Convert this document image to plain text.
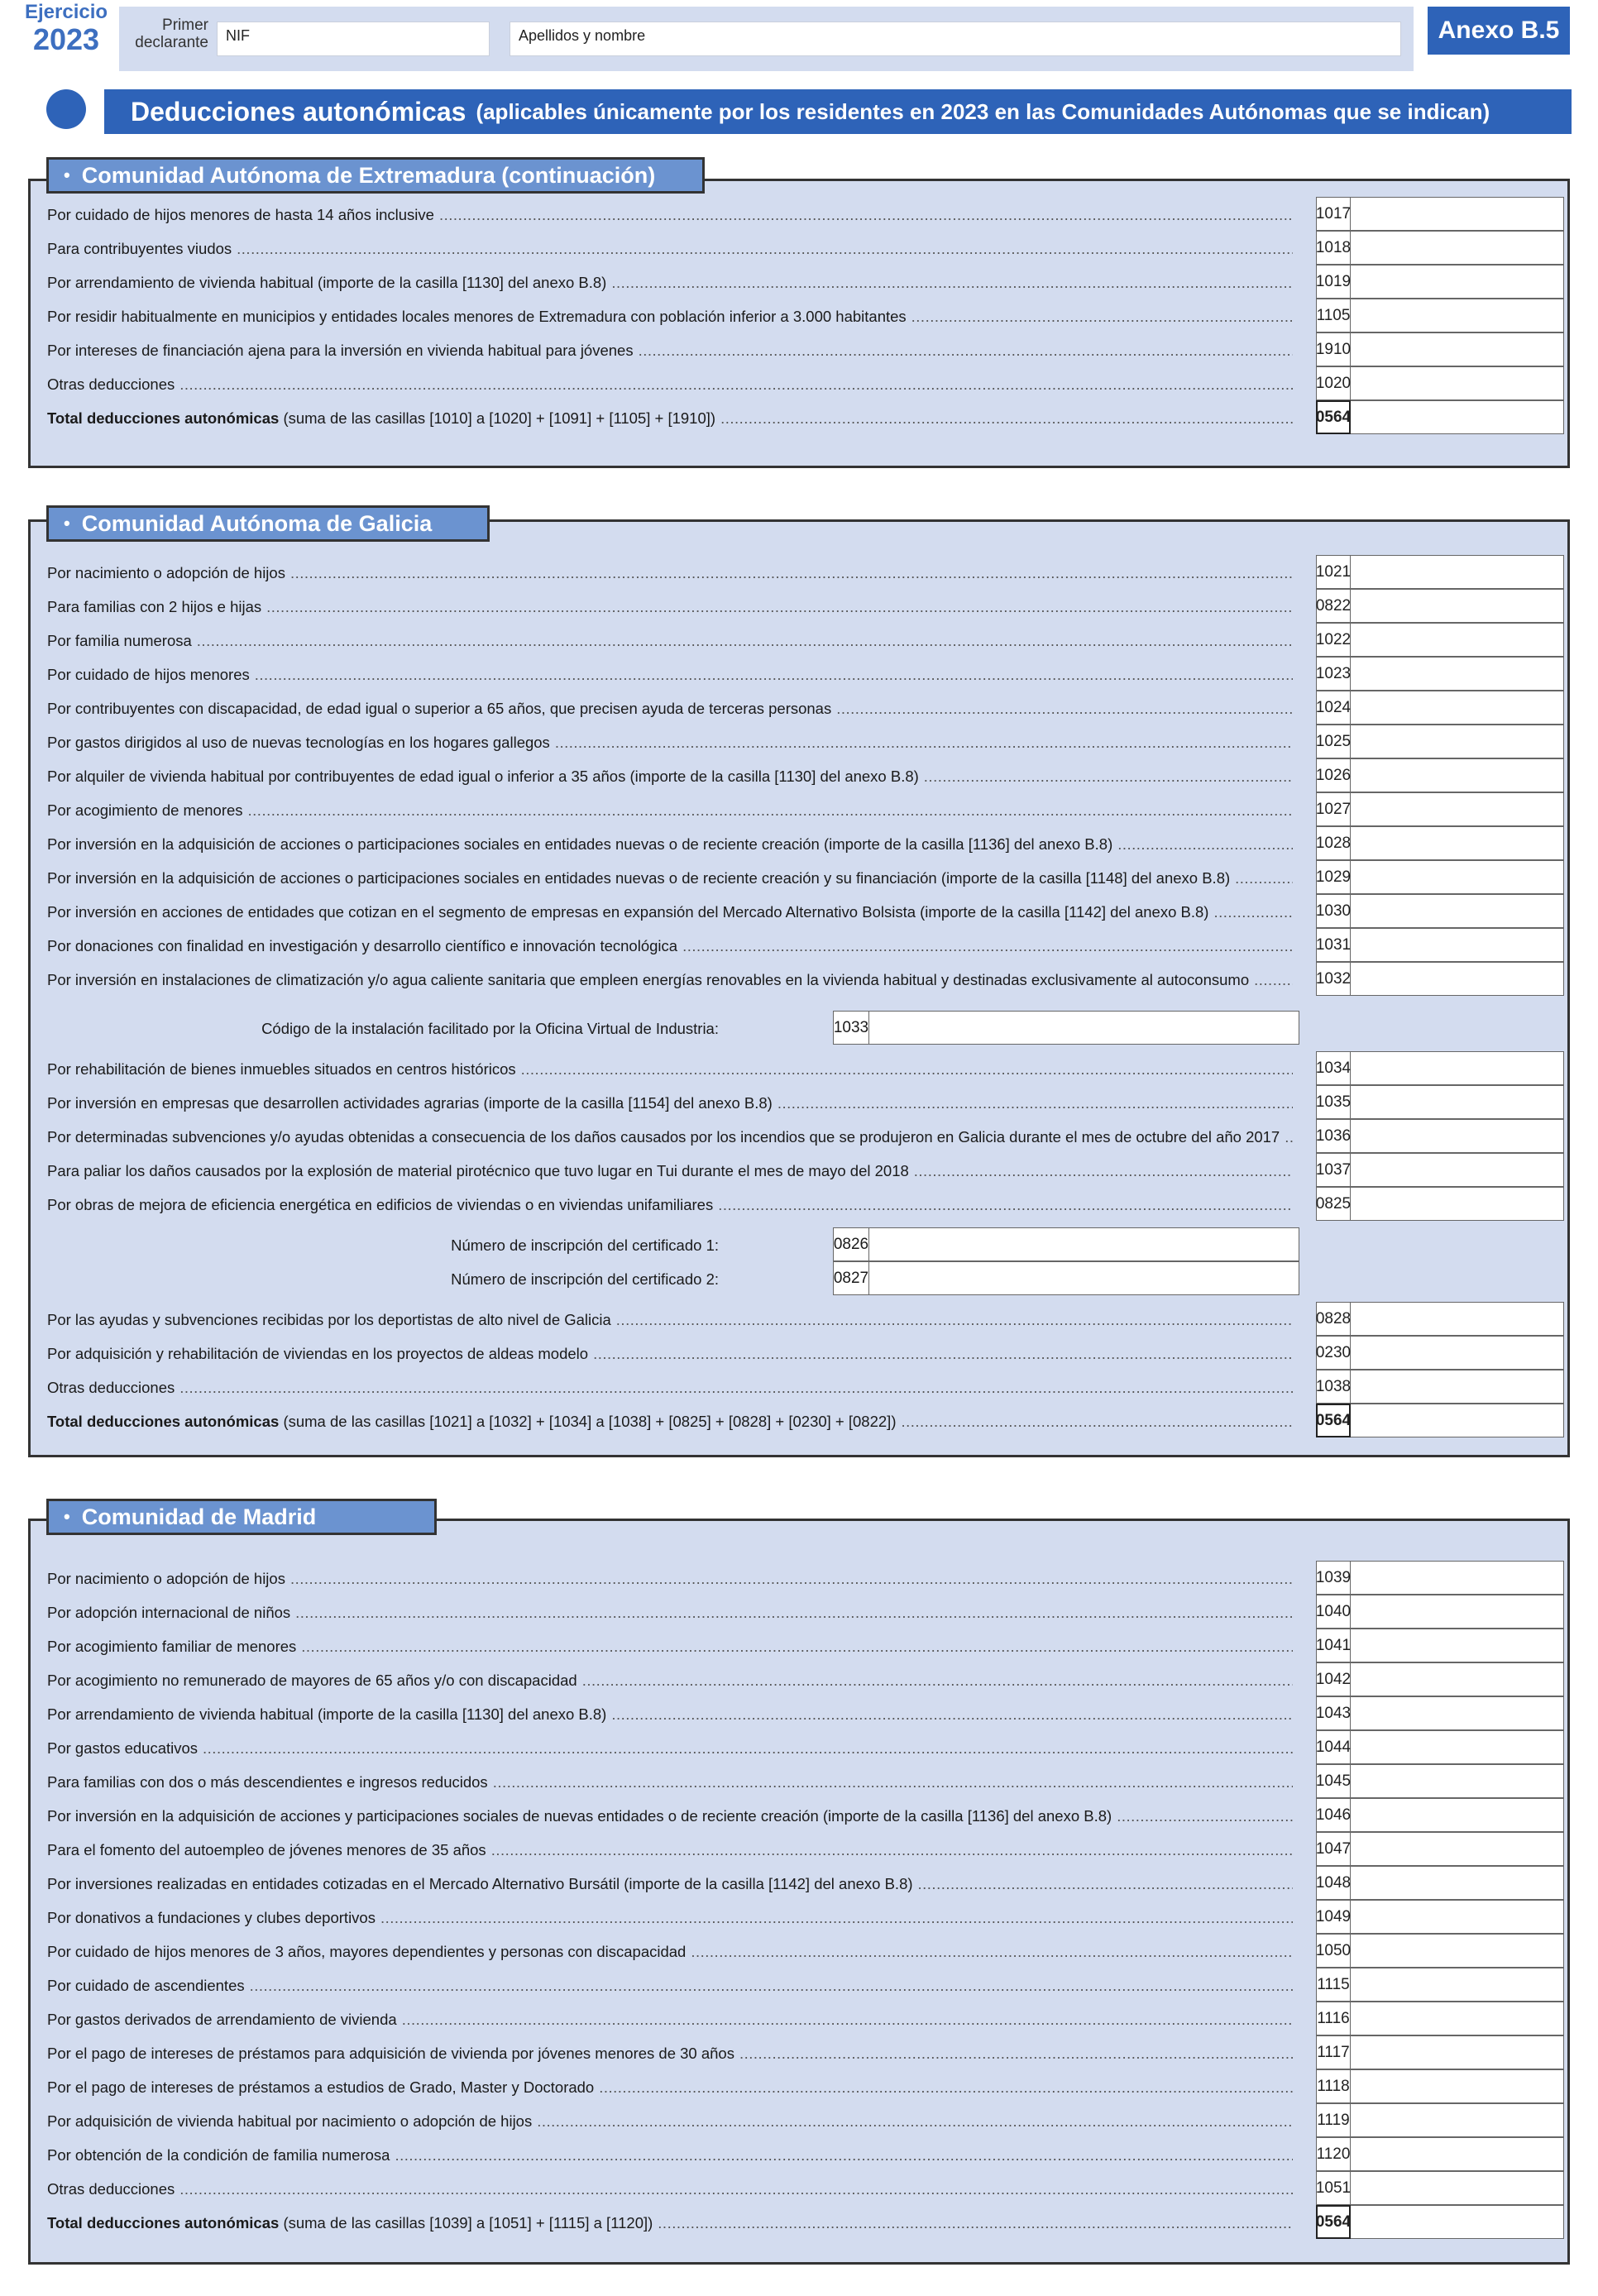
Ejercicio
2023	Primer declarante	NIF	Apellidos y nombre	Anexo B.5
Deducciones autonómicas (aplicables únicamente por los residentes en 2023 en las Comunidades Autónomas que se indican)
Por cuidado de hijos menores de hasta 14 años inclusive .....	1017
Para contribuyentes viudos .....	1018
Por arrendamiento de vivienda habitual (importe de la casilla [1130] del anexo B.8) .....	1019
Por residir habitualmente en municipios y entidades locales menores de Extremadura con población inferior a 3.000 habitantes .....	1105
Por intereses de financiación ajena para la inversión en vivienda habitual para jóvenes .....	1910
Otras deducciones .....	1020
Total deducciones autonómicas (suma de las casillas [1010] a [1020] + [1091] + [1105] + [1910]) .....	0564
• Comunidad Autónoma de Extremadura (continuación)
Por nacimiento o adopción de hijos .....	1021
Para familias con 2 hijos e hijas .....	0822
Por familia numerosa .....	1022
Por cuidado de hijos menores .....	1023
Por contribuyentes con discapacidad, de edad igual o superior a 65 años, que precisen ayuda de terceras personas .....	1024
Por gastos dirigidos al uso de nuevas tecnologías en los hogares gallegos .....	1025
Por alquiler de vivienda habitual por contribuyentes de edad igual o inferior a 35 años (importe de la casilla [1130] del anexo B.8) .....	1026
Por acogimiento de menores .....	1027
Por inversión en la adquisición de acciones o participaciones sociales en entidades nuevas o de reciente creación (importe de la casilla [1136] del anexo B.8) .....	1028
Por inversión en la adquisición de acciones o participaciones sociales en entidades nuevas o de reciente creación y su financiación (importe de la casilla [1148] del anexo B.8) .....	1029
Por inversión en acciones de entidades que cotizan en el segmento de empresas en expansión del Mercado Alternativo Bolsista (importe de la casilla [1142] del anexo B.8) .....	1030
Por donaciones con finalidad en investigación y desarrollo científico e innovación tecnológica .....	1031
Por inversión en instalaciones de climatización y/o agua caliente sanitaria que empleen energías renovables en la vivienda habitual y destinadas exclusivamente al autoconsumo .....	1032
Código de la instalación facilitado por la Oficina Virtual de Industria:	1033
Por rehabilitación de bienes inmuebles situados en centros históricos .....	1034
Por inversión en empresas que desarrollen actividades agrarias (importe de la casilla [1154] del anexo B.8) .....	1035
Por determinadas subvenciones y/o ayudas obtenidas a consecuencia de los daños causados por los incendios que se produjeron en Galicia durante el mes de octubre del año 2017 ..... 1036
Para paliar los daños causados por la explosión de material pirotécnico que tuvo lugar en Tui durante el mes de mayo del 2018 .....	1037
Por obras de mejora de eficiencia energética en edificios de viviendas o en viviendas unifamiliares .....	0825
Número de inscripción del certificado 1:	0826
Número de inscripción del certificado 2:	0827
Por las ayudas y subvenciones recibidas por los deportistas de alto nivel de Galicia .....	0828
Por adquisición y rehabilitación de viviendas en los proyectos de aldeas modelo .....	0230
Otras deducciones .....	1038
Total deducciones autonómicas (suma de las casillas [1021] a [1032] + [1034] a [1038] + [0825] + [0828] + [0230] + [0822]) .....	0564
• Comunidad Autónoma de Galicia
Por nacimiento o adopción de hijos .....	1039
Por adopción internacional de niños .....	1040
Por acogimiento familiar de menores .....	1041
Por acogimiento no remunerado de mayores de 65 años y/o con discapacidad .....	1042
Por arrendamiento de vivienda habitual (importe de la casilla [1130] del anexo B.8) .....	1043
Por gastos educativos .....	1044
Para familias con dos o más descendientes e ingresos reducidos .....	1045
Por inversión en la adquisición de acciones y participaciones sociales de nuevas entidades o de reciente creación (importe de la casilla [1136] del anexo B.8) .....	1046
Para el fomento del autoempleo de jóvenes menores de 35 años .....	1047
Por inversiones realizadas en entidades cotizadas en el Mercado Alternativo Bursátil (importe de la casilla [1142] del anexo B.8) .....	1048
Por donativos a fundaciones y clubes deportivos .....	1049
Por cuidado de hijos menores de 3 años, mayores dependientes y personas con discapacidad .....	1050
Por cuidado de ascendientes .....	1115
Por gastos derivados de arrendamiento de vivienda .....	1116
Por el pago de intereses de préstamos para adquisición de vivienda por jóvenes menores de 30 años .....	1117
Por el pago de intereses de préstamos a estudios de Grado, Master y Doctorado .....	1118
Por adquisición de vivienda habitual por nacimiento o adopción de hijos .....	1119
Por obtención de la condición de familia numerosa .....	1120
Otras deducciones .....	1051
Total deducciones autonómicas (suma de las casillas [1039] a [1051] + [1115] a [1120]) .....	0564
• Comunidad de Madrid
